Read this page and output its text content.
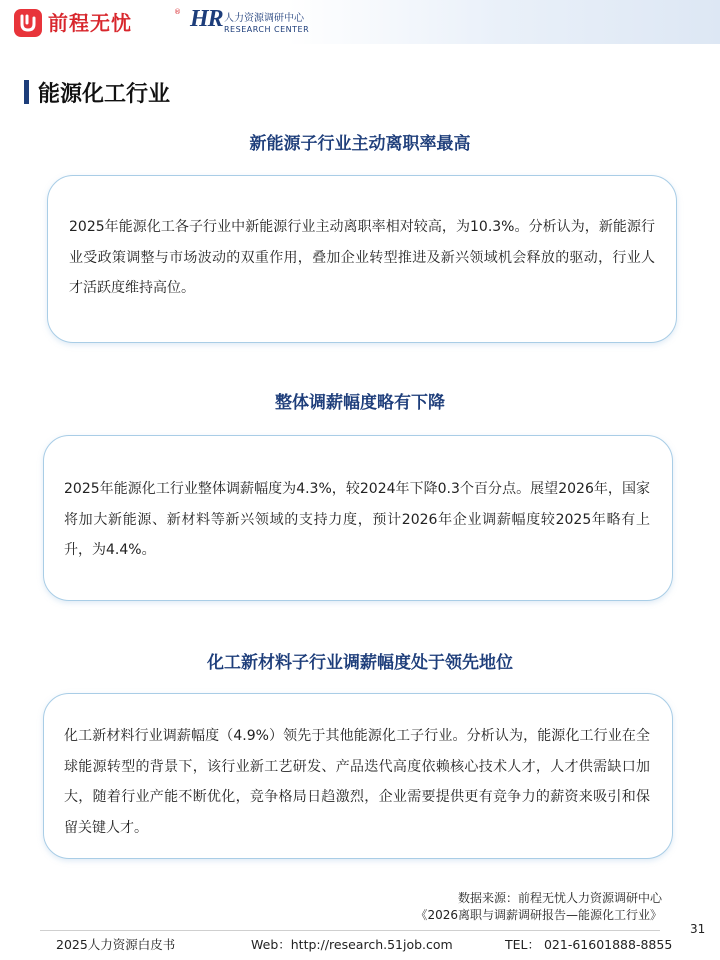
前程无忧	® HR 人力资源调研中心
RESEARCH CENTER
能源化工行业
新能源子行业主动离职率最高
2025年能源化工各子行业中新能源行业主动离职率相对较高，为10.3%。分析认为，新能源行业受政策调整与市场波动的双重作用，叠加企业转型推进及新兴领域机会释放的驱动，行业人才活跃度维持高位。
整体调薪幅度略有下降
2025年能源化工行业整体调薪幅度为4.3%，较2024年下降0.3个百分点。展望2026年，国家将加大新能源、新材料等新兴领域的支持力度，预计2026年企业调薪幅度较2025年略有上升，为4.4%。
化工新材料子行业调薪幅度处于领先地位
化工新材料行业调薪幅度（4.9%）领先于其他能源化工子行业。分析认为，能源化工行业在全球能源转型的背景下，该行业新工艺研发、产品迭代高度依赖核心技术人才，人才供需缺口加大，随着行业产能不断优化，竞争格局日趋激烈，企业需要提供更有竞争力的薪资来吸引和保留关键人才。
数据来源：前程无忧人力资源调研中心
《2026离职与调薪调研报告—能源化工行业》
31
2025人力资源白皮书	Web：http://research.51job.com	TEL： 021-61601888-8855
